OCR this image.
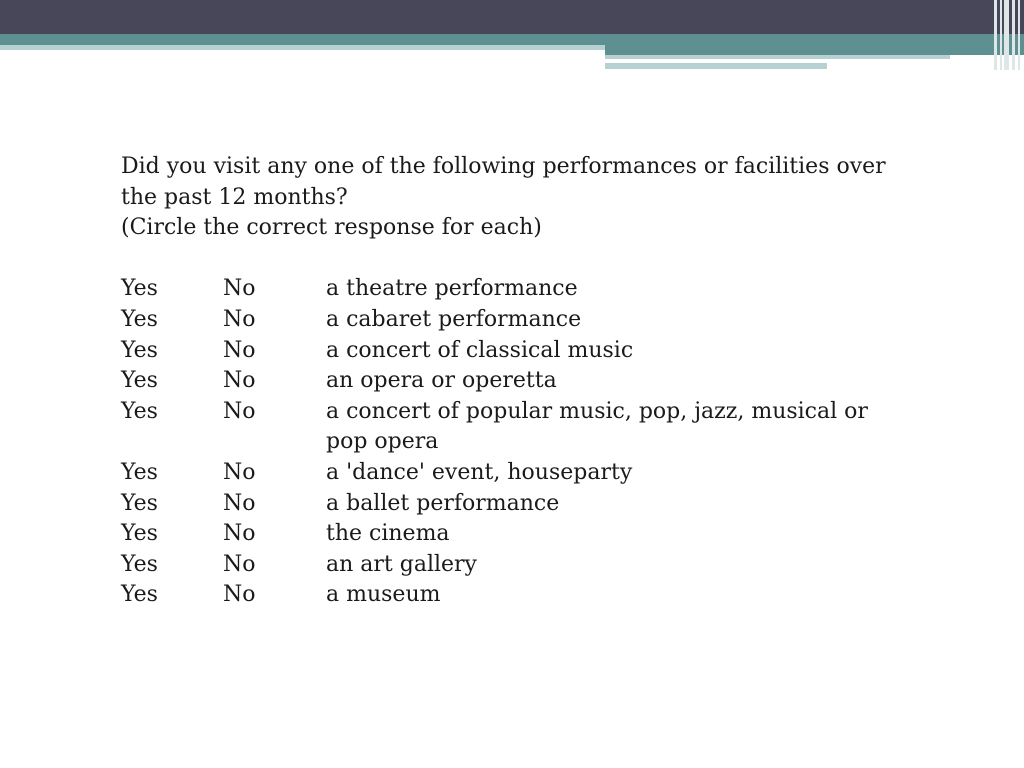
Did you visit any one of the following performances or facilities over the past 12 months?

(Circle the correct response for each)

Yes	No	a theatre performance
Yes	No	a cabaret performance
Yes	No	a concert of classical music
Yes	No	an opera or operetta
Yes	No	a concert of popular music, pop, jazz, musical or pop opera
Yes	No	a 'dance' event, houseparty
Yes	No	a ballet performance
Yes	No	the cinema
Yes	No	an art gallery
Yes	No	a museum
